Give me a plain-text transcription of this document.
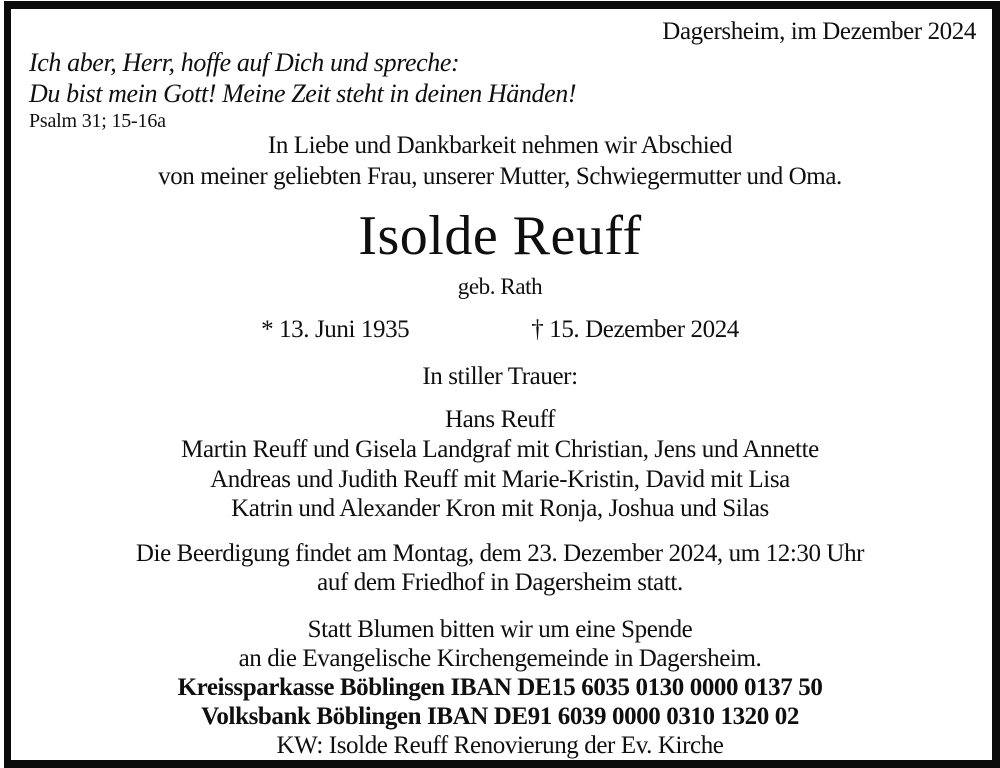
Dagersheim, im Dezember 2024
Ich aber, Herr, hoffe auf Dich und spreche:
Du bist mein Gott! Meine Zeit steht in deinen Händen!
Psalm 31; 15-16a
In Liebe und Dankbarkeit nehmen wir Abschied
von meiner geliebten Frau, unserer Mutter, Schwiegermutter und Oma.
Isolde Reuff
geb. Rath
* 13. Juni 1935	† 15. Dezember 2024
In stiller Trauer:
Hans Reuff
Martin Reuff und Gisela Landgraf mit Christian, Jens und Annette
Andreas und Judith Reuff mit Marie-Kristin, David mit Lisa
Katrin und Alexander Kron mit Ronja, Joshua und Silas
Die Beerdigung findet am Montag, dem 23. Dezember 2024, um 12:30 Uhr
auf dem Friedhof in Dagersheim statt.
Statt Blumen bitten wir um eine Spende
an die Evangelische Kirchengemeinde in Dagersheim.
Kreissparkasse Böblingen IBAN DE15 6035 0130 0000 0137 50
Volksbank Böblingen IBAN DE91 6039 0000 0310 1320 02
KW: Isolde Reuff Renovierung der Ev. Kirche
